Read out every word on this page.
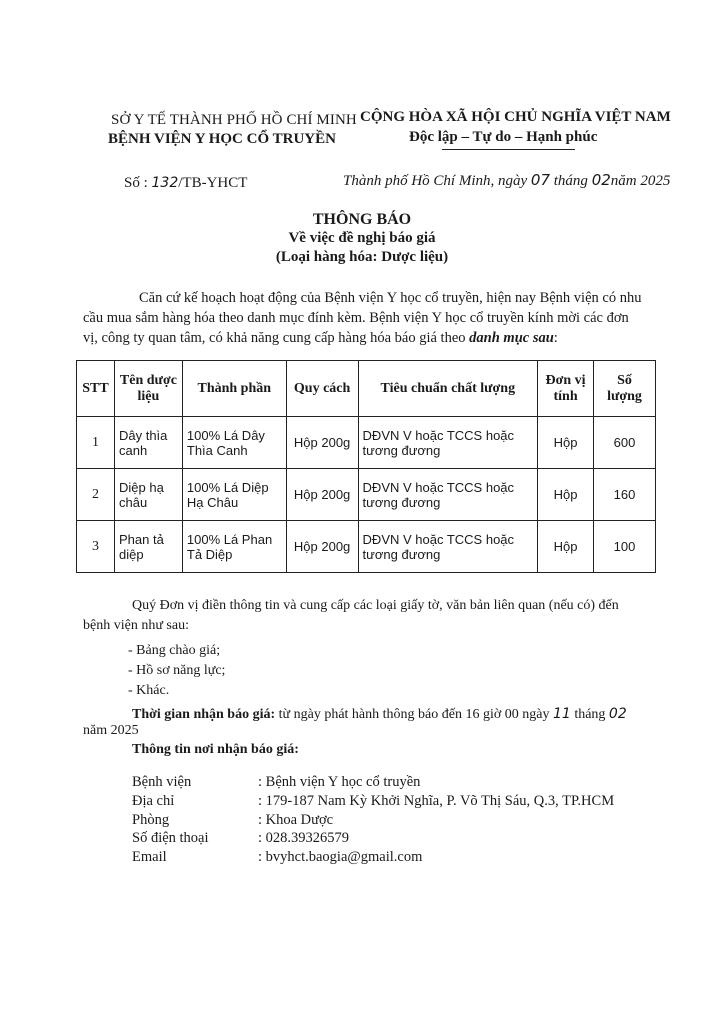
SỞ Y TẾ THÀNH PHỐ HỒ CHÍ MINH
BỆNH VIỆN Y HỌC CỔ TRUYỀN
CỘNG HÒA XÃ HỘI CHỦ NGHĨA VIỆT NAM
Độc lập – Tự do – Hạnh phúc
Số : 132/TB-YHCT	Thành phố Hồ Chí Minh, ngày 07 tháng 02năm 2025
THÔNG BÁO
Về việc đề nghị báo giá
(Loại hàng hóa: Dược liệu)
Căn cứ kế hoạch hoạt động của Bệnh viện Y học cổ truyền, hiện nay Bệnh viện có nhu
cầu mua sắm hàng hóa theo danh mục đính kèm. Bệnh viện Y học cổ truyền kính mời các đơn
vị, công ty quan tâm, có khả năng cung cấp hàng hóa báo giá theo danh mục sau:
STT	Tên dược liệu	Thành phần	Quy cách	Tiêu chuẩn chất lượng	Đơn vị tính	Số lượng
1	Dây thìa canh	100% Lá Dây Thìa Canh	Hộp 200g	DĐVN V hoặc TCCS hoặc tương đương	Hộp	600
2	Diệp hạ châu	100% Lá Diệp Hạ Châu	Hộp 200g	DĐVN V hoặc TCCS hoặc tương đương	Hộp	160
3	Phan tả diệp	100% Lá Phan Tả Diệp	Hộp 200g	DĐVN V hoặc TCCS hoặc tương đương	Hộp	100
Quý Đơn vị điền thông tin và cung cấp các loại giấy tờ, văn bản liên quan (nếu có) đến
bệnh viện như sau:
- Bảng chào giá;
- Hồ sơ năng lực;
- Khác.
Thời gian nhận báo giá: từ ngày phát hành thông báo đến 16 giờ 00 ngày 11 tháng 02
năm 2025
Thông tin nơi nhận báo giá:
Bệnh viện	: Bệnh viện Y học cổ truyền
Địa chỉ	: 179-187 Nam Kỳ Khởi Nghĩa, P. Võ Thị Sáu, Q.3, TP.HCM
Phòng	: Khoa Dược
Số điện thoại	: 028.39326579
Email	: bvyhct.baogia@gmail.com
